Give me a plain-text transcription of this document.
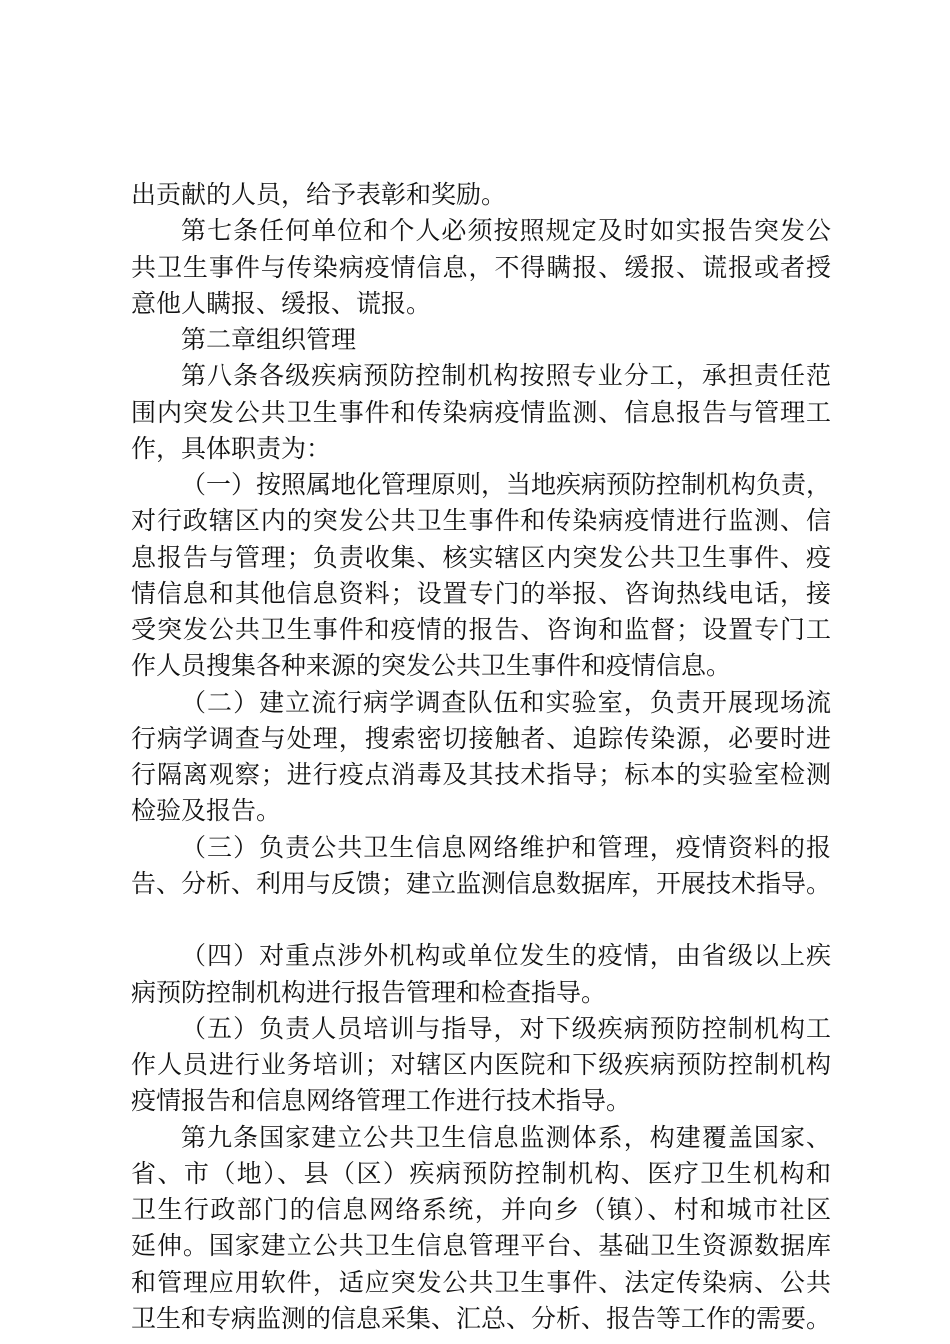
出贡献的人员，给予表彰和奖励。
第七条任何单位和个人必须按照规定及时如实报告突发公
共卫生事件与传染病疫情信息，不得瞒报、缓报、谎报或者授
意他人瞒报、缓报、谎报。
第二章组织管理
第八条各级疾病预防控制机构按照专业分工，承担责任范
围内突发公共卫生事件和传染病疫情监测、信息报告与管理工
作，具体职责为：
（一）按照属地化管理原则，当地疾病预防控制机构负责，
对行政辖区内的突发公共卫生事件和传染病疫情进行监测、信
息报告与管理；负责收集、核实辖区内突发公共卫生事件、疫
情信息和其他信息资料；设置专门的举报、咨询热线电话，接
受突发公共卫生事件和疫情的报告、咨询和监督；设置专门工
作人员搜集各种来源的突发公共卫生事件和疫情信息。
（二）建立流行病学调查队伍和实验室，负责开展现场流
行病学调查与处理，搜索密切接触者、追踪传染源，必要时进
行隔离观察；进行疫点消毒及其技术指导；标本的实验室检测
检验及报告。
（三）负责公共卫生信息网络维护和管理，疫情资料的报
告、分析、利用与反馈；建立监测信息数据库，开展技术指导。
（四）对重点涉外机构或单位发生的疫情，由省级以上疾
病预防控制机构进行报告管理和检查指导。
（五）负责人员培训与指导，对下级疾病预防控制机构工
作人员进行业务培训；对辖区内医院和下级疾病预防控制机构
疫情报告和信息网络管理工作进行技术指导。
第九条国家建立公共卫生信息监测体系，构建覆盖国家、
省、市（地）、县（区）疾病预防控制机构、医疗卫生机构和
卫生行政部门的信息网络系统，并向乡（镇）、村和城市社区
延伸。国家建立公共卫生信息管理平台、基础卫生资源数据库
和管理应用软件，适应突发公共卫生事件、法定传染病、公共
卫生和专病监测的信息采集、汇总、分析、报告等工作的需要。
